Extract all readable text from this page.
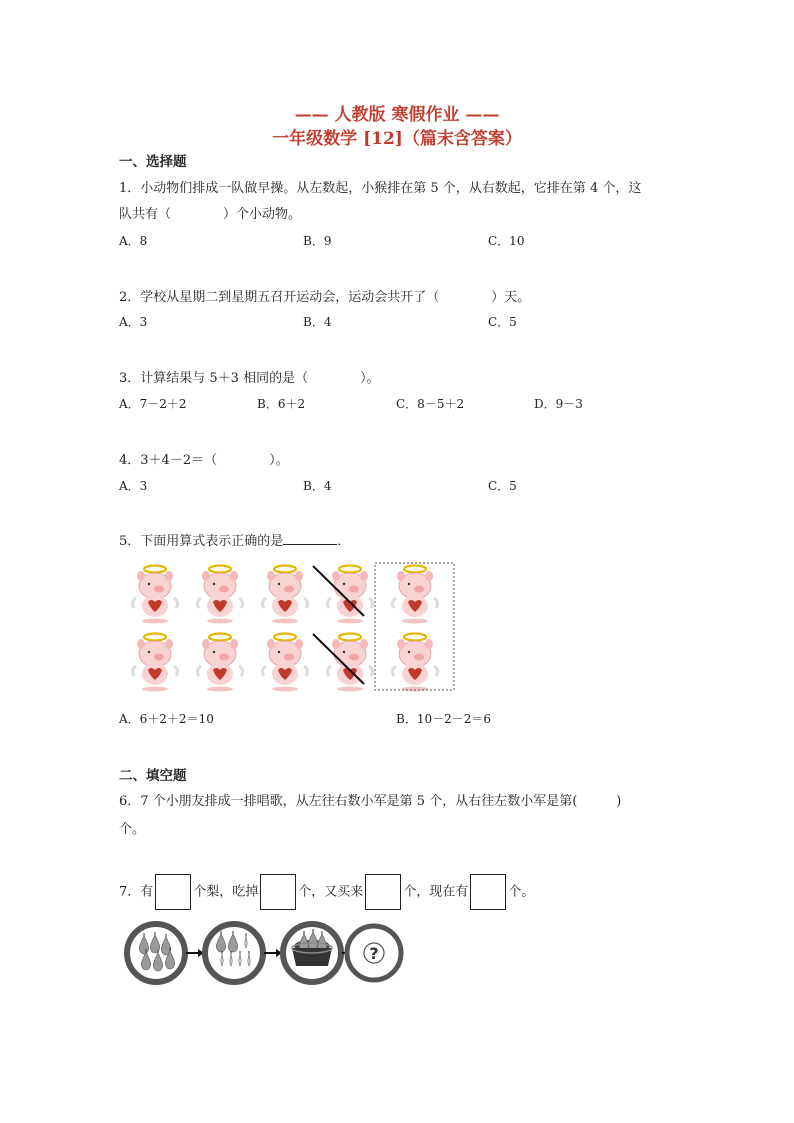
—— 人教版 寒假作业 ——
一年级数学 [12]（篇末含答案）
一、选择题
1．小动物们排成一队做早操。从左数起，小猴排在第 5 个，从右数起，它排在第 4 个，这
队共有（　　　　）个小动物。
A．8	B．9	C．10
2．学校从星期二到星期五召开运动会，运动会共开了（　　　　）天。
A．3	B．4	C．5
3．计算结果与 5＋3 相同的是（　　　　）。
A．7－2＋2	B．6＋2	C．8－5＋2	D．9－3
4．3＋4－2＝（　　　　）。
A．3	B．4	C．5
5．下面用算式表示正确的是	．
A．6＋2＋2＝10	B．10－2－2＝6
二、填空题
6．7 个小朋友排成一排唱歌，从左往右数小军是第 5 个，从右往左数小军是第(　　　)
个。
7．有	个梨，吃掉	个，又买来	个，现在有	个。
?
